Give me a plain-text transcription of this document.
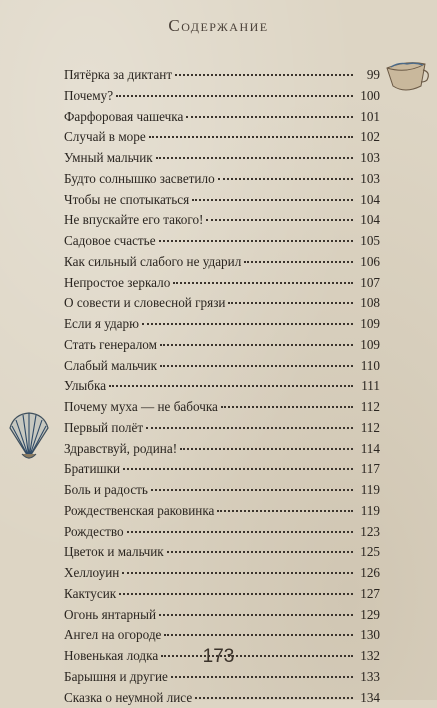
Содержание
Пятёрка за диктант	99
Почему?	100
Фарфоровая чашечка	101
Случай в море	102
Умный мальчик	103
Будто солнышко засветило	103
Чтобы не спотыкаться	104
Не впускайте его такого!	104
Садовое счастье	105
Как сильный слабого не ударил	106
Непростое зеркало	107
О совести и словесной грязи	108
Если я ударю	109
Стать генералом	109
Слабый мальчик	110
Улыбка	111
Почему муха — не бабочка	112
Первый полёт	112
Здравствуй, родина!	114
Братишки	117
Боль и радость	119
Рождественская раковинка	119
Рождество	123
Цветок и мальчик	125
Хеллоуин	126
Кактусик	127
Огонь янтарный	129
Ангел на огороде	130
Новенькая лодка	132
Барышня и другие	133
Сказка о неумной лисе	134
173
